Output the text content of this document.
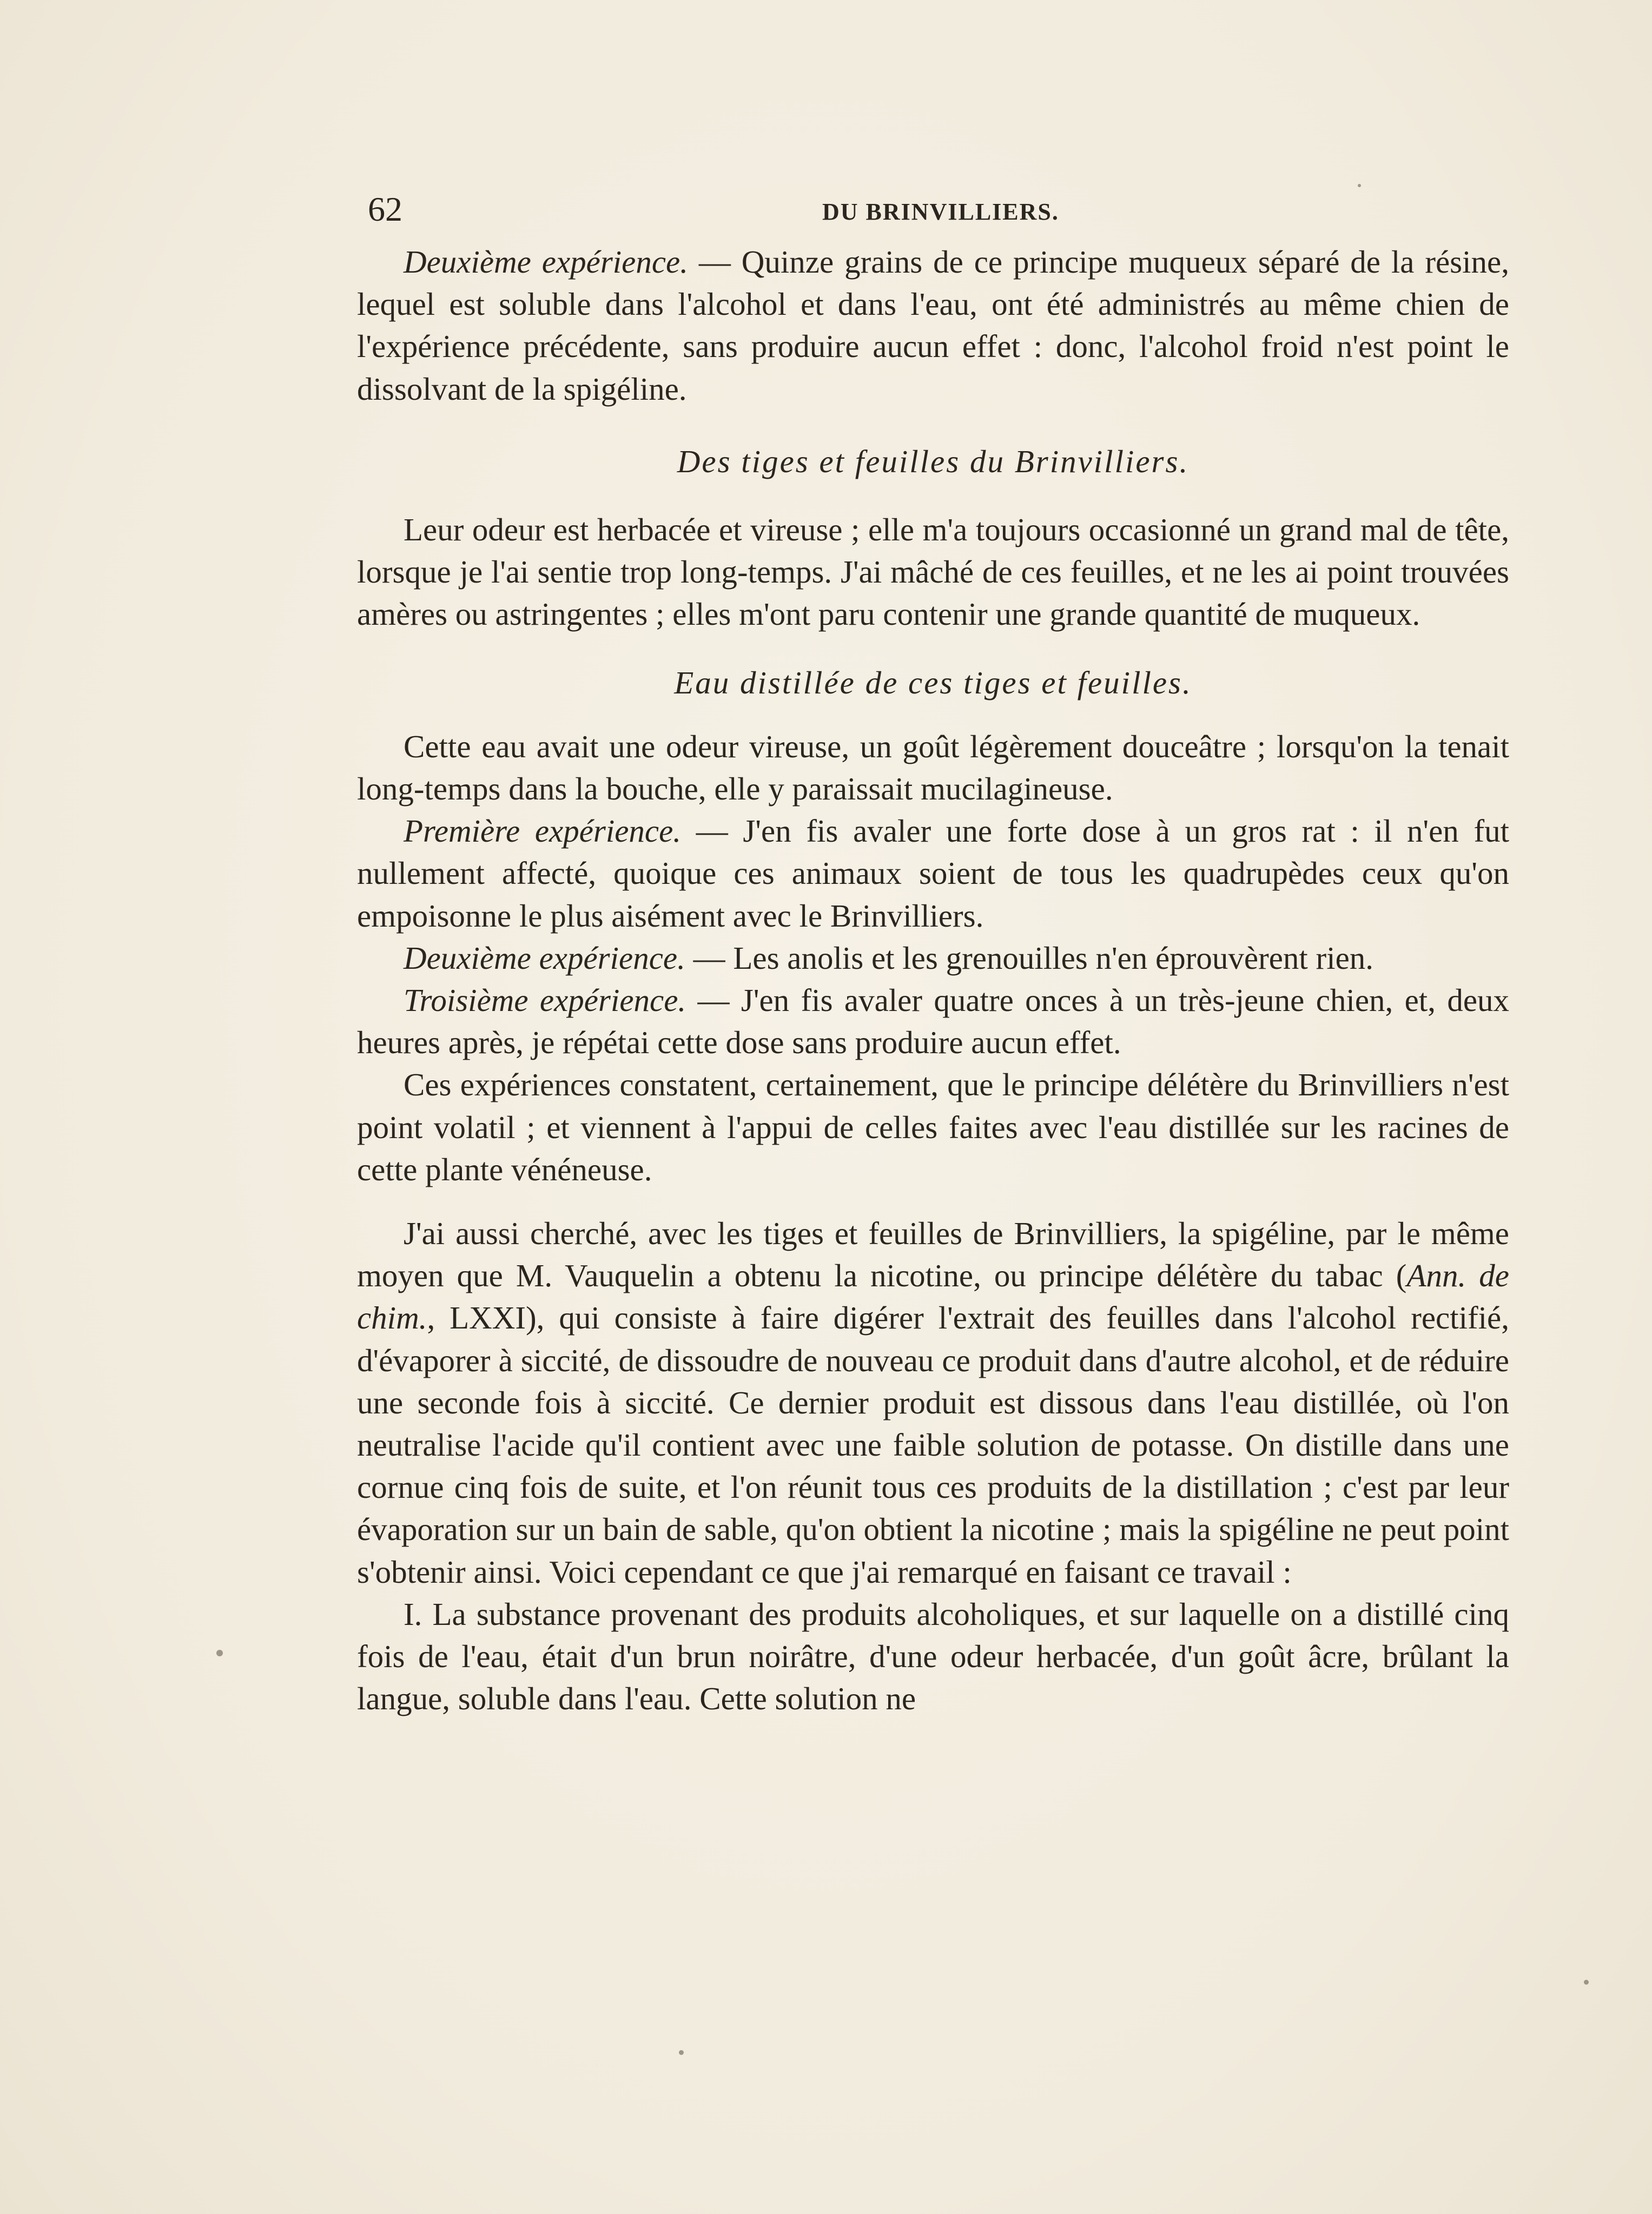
62	DU BRINVILLIERS.

Deuxième expérience. — Quinze grains de ce principe muqueux séparé de la résine, lequel est soluble dans l'alcohol et dans l'eau, ont été administrés au même chien de l'expérience précédente, sans produire aucun effet : donc, l'alcohol froid n'est point le dissolvant de la spigéline.

Des tiges et feuilles du Brinvilliers.

Leur odeur est herbacée et vireuse ; elle m'a toujours occasionné un grand mal de tête, lorsque je l'ai sentie trop long-temps. J'ai mâché de ces feuilles, et ne les ai point trouvées amères ou astringentes ; elles m'ont paru contenir une grande quantité de muqueux.

Eau distillée de ces tiges et feuilles.

Cette eau avait une odeur vireuse, un goût légèrement douceâtre ; lorsqu'on la tenait long-temps dans la bouche, elle y paraissait mucilagineuse.

Première expérience. — J'en fis avaler une forte dose à un gros rat : il n'en fut nullement affecté, quoique ces animaux soient de tous les quadrupèdes ceux qu'on empoisonne le plus aisément avec le Brinvilliers.

Deuxième expérience. — Les anolis et les grenouilles n'en éprouvèrent rien.

Troisième expérience. — J'en fis avaler quatre onces à un très-jeune chien, et, deux heures après, je répétai cette dose sans produire aucun effet.

Ces expériences constatent, certainement, que le principe délétère du Brinvilliers n'est point volatil ; et viennent à l'appui de celles faites avec l'eau distillée sur les racines de cette plante vénéneuse.

J'ai aussi cherché, avec les tiges et feuilles de Brinvilliers, la spigéline, par le même moyen que M. Vauquelin a obtenu la nicotine, ou principe délétère du tabac (Ann. de chim., LXXI), qui consiste à faire digérer l'extrait des feuilles dans l'alcohol rectifié, d'évaporer à siccité, de dissoudre de nouveau ce produit dans d'autre alcohol, et de réduire une seconde fois à siccité. Ce dernier produit est dissous dans l'eau distillée, où l'on neutralise l'acide qu'il contient avec une faible solution de potasse. On distille dans une cornue cinq fois de suite, et l'on réunit tous ces produits de la distillation ; c'est par leur évaporation sur un bain de sable, qu'on obtient la nicotine ; mais la spigéline ne peut point s'obtenir ainsi. Voici cependant ce que j'ai remarqué en faisant ce travail :

I. La substance provenant des produits alcoholiques, et sur laquelle on a distillé cinq fois de l'eau, était d'un brun noirâtre, d'une odeur herbacée, d'un goût âcre, brûlant la langue, soluble dans l'eau. Cette solution ne
